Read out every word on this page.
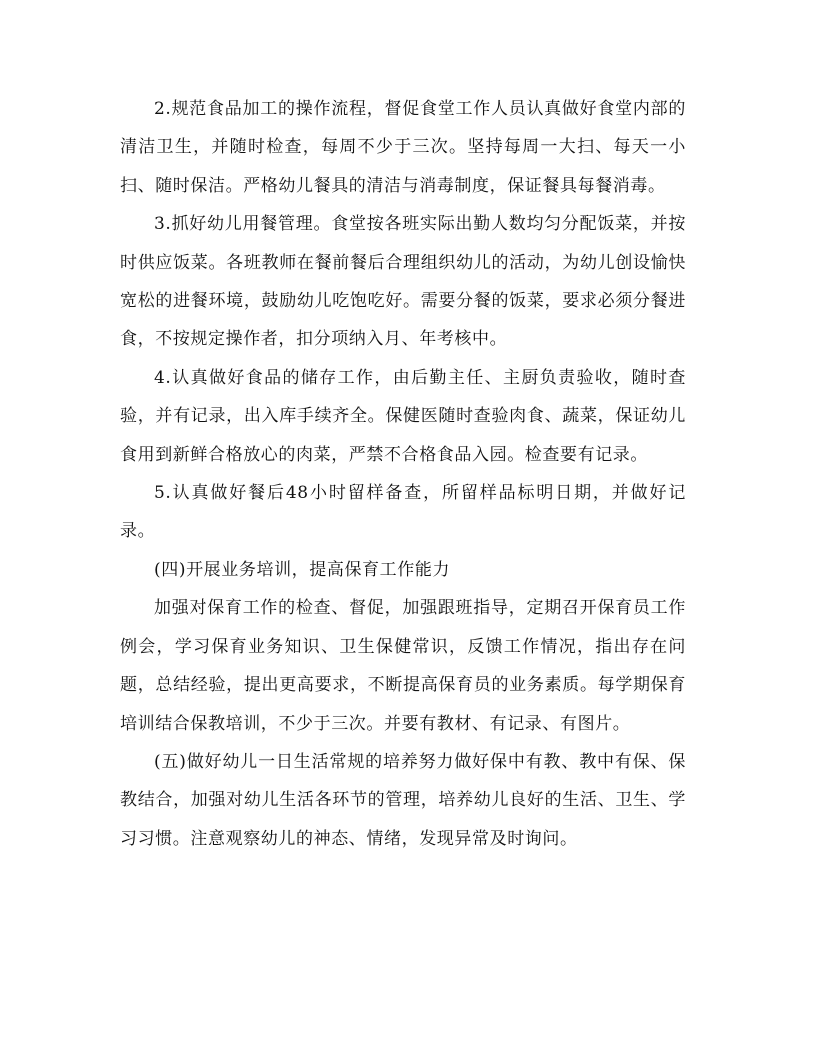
2.规范食品加工的操作流程，督促食堂工作人员认真做好食堂内部的清洁卫生，并随时检查，每周不少于三次。坚持每周一大扫、每天一小扫、随时保洁。严格幼儿餐具的清洁与消毒制度，保证餐具每餐消毒。

3.抓好幼儿用餐管理。食堂按各班实际出勤人数均匀分配饭菜，并按时供应饭菜。各班教师在餐前餐后合理组织幼儿的活动，为幼儿创设愉快宽松的进餐环境，鼓励幼儿吃饱吃好。需要分餐的饭菜，要求必须分餐进食，不按规定操作者，扣分项纳入月、年考核中。

4.认真做好食品的储存工作，由后勤主任、主厨负责验收，随时查验，并有记录，出入库手续齐全。保健医随时查验肉食、蔬菜，保证幼儿食用到新鲜合格放心的肉菜，严禁不合格食品入园。检查要有记录。

5.认真做好餐后48小时留样备查，所留样品标明日期，并做好记录。

(四)开展业务培训，提高保育工作能力

加强对保育工作的检查、督促，加强跟班指导，定期召开保育员工作例会，学习保育业务知识、卫生保健常识，反馈工作情况，指出存在问题，总结经验，提出更高要求，不断提高保育员的业务素质。每学期保育培训结合保教培训，不少于三次。并要有教材、有记录、有图片。

(五)做好幼儿一日生活常规的培养努力做好保中有教、教中有保、保教结合，加强对幼儿生活各环节的管理，培养幼儿良好的生活、卫生、学习习惯。注意观察幼儿的神态、情绪，发现异常及时询问。
